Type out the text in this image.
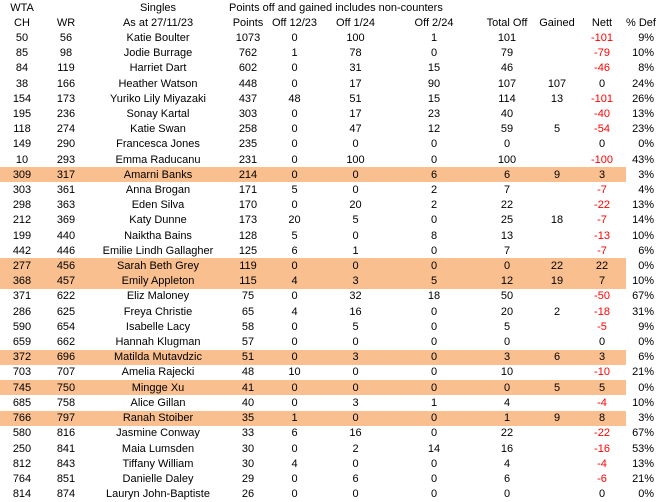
WTA		Singles	Points off and gained includes non-counters							
CH	WR	As at 27/11/23	Points	Off 12/23	Off 1/24	Off 2/24	Total Off	Gained	Nett	% Def
50	56	Katie Boulter	1073	0	100	1	101		-101	9%
85	98	Jodie Burrage	762	1	78	0	79		-79	10%
84	119	Harriet Dart	602	0	31	15	46		-46	8%
38	166	Heather Watson	448	0	17	90	107	107	0	24%
154	173	Yuriko Lily Miyazaki	437	48	51	15	114	13	-101	26%
195	236	Sonay Kartal	303	0	17	23	40		-40	13%
118	274	Katie Swan	258	0	47	12	59	5	-54	23%
149	290	Francesca Jones	235	0	0	0	0		0	0%
10	293	Emma Raducanu	231	0	100	0	100		-100	43%
309	317	Amarni Banks	214	0	0	6	6	9	3	3%
303	361	Anna Brogan	171	5	0	2	7		-7	4%
298	363	Eden Silva	170	0	20	2	22		-22	13%
212	369	Katy Dunne	173	20	5	0	25	18	-7	14%
199	440	Naiktha Bains	128	5	0	8	13		-13	10%
442	446	Emilie Lindh Gallagher	125	6	1	0	7		-7	6%
277	456	Sarah Beth Grey	119	0	0	0	0	22	22	0%
368	457	Emily Appleton	115	4	3	5	12	19	7	10%
371	622	Eliz Maloney	75	0	32	18	50		-50	67%
286	625	Freya Christie	65	4	16	0	20	2	-18	31%
590	654	Isabelle Lacy	58	0	5	0	5		-5	9%
659	662	Hannah Klugman	57	0	0	0	0		0	0%
372	696	Matilda Mutavdzic	51	0	3	0	3	6	3	6%
703	707	Amelia Rajecki	48	10	0	0	10		-10	21%
745	750	Mingge Xu	41	0	0	0	0	5	5	0%
685	758	Alice Gillan	40	0	3	1	4		-4	10%
766	797	Ranah Stoiber	35	1	0	0	1	9	8	3%
580	816	Jasmine Conway	33	6	16	0	22		-22	67%
250	841	Maia Lumsden	30	0	2	14	16		-16	53%
812	843	Tiffany William	30	4	0	0	4		-4	13%
764	851	Danielle Daley	29	0	6	0	6		-6	21%
814	874	Lauryn John-Baptiste	26	0	0	0	0		0	0%
